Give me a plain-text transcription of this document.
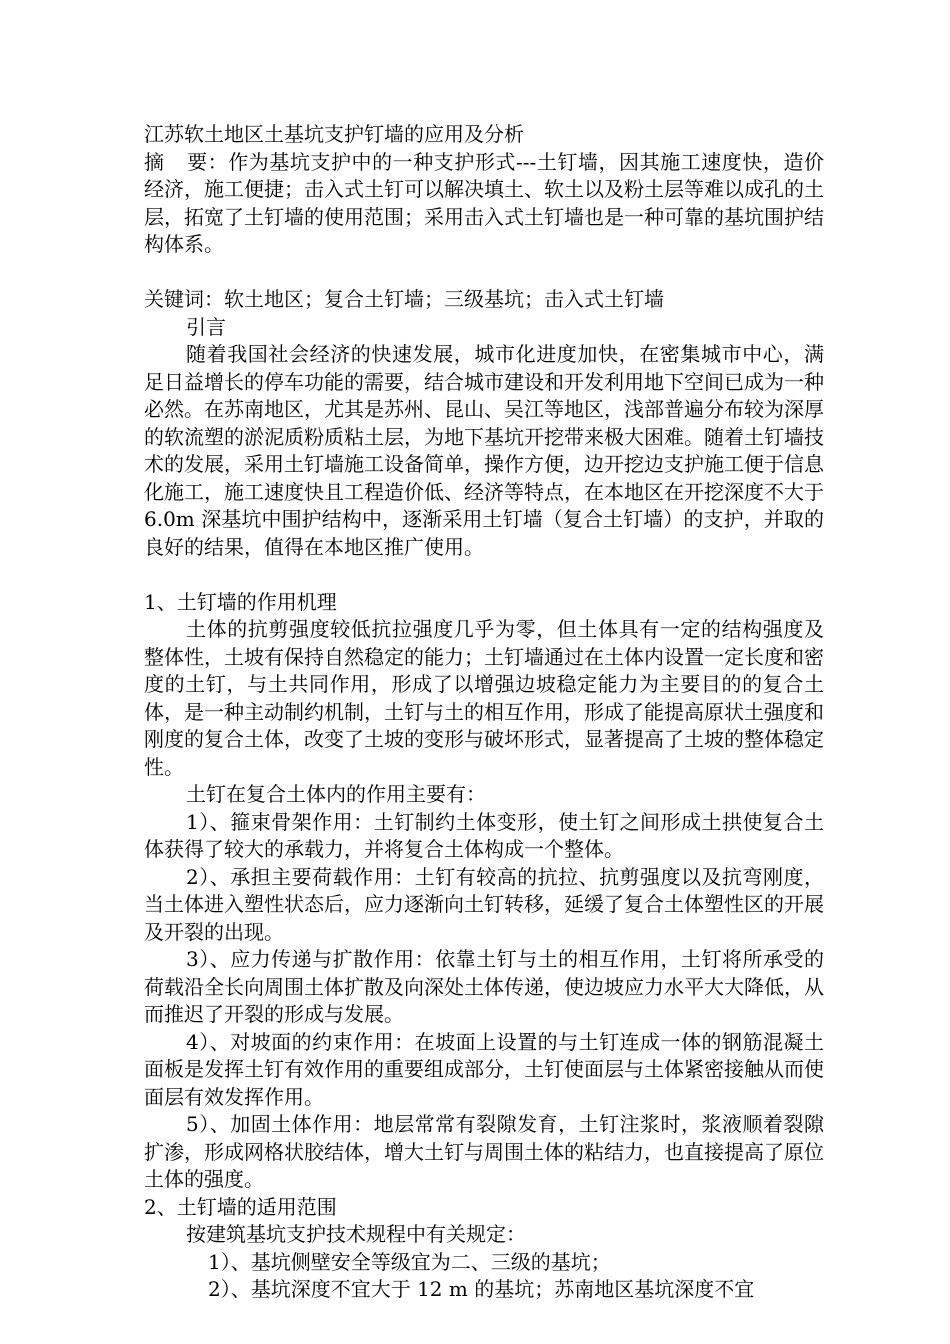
江苏软土地区土基坑支护钉墙的应用及分析

摘 要：作为基坑支护中的一种支护形式---土钉墙，因其施工速度快，造价经济，施工便捷；击入式土钉可以解决填土、软土以及粉土层等难以成孔的土层，拓宽了土钉墙的使用范围；采用击入式土钉墙也是一种可靠的基坑围护结构体系。

关键词：软土地区；复合土钉墙；三级基坑；击入式土钉墙

引言

随着我国社会经济的快速发展，城市化进度加快，在密集城市中心，满足日益增长的停车功能的需要，结合城市建设和开发利用地下空间已成为一种必然。在苏南地区，尤其是苏州、昆山、吴江等地区，浅部普遍分布较为深厚的软流塑的淤泥质粉质粘土层，为地下基坑开挖带来极大困难。随着土钉墙技术的发展，采用土钉墙施工设备简单，操作方便，边开挖边支护施工便于信息化施工，施工速度快且工程造价低、经济等特点，在本地区在开挖深度不大于 6.0m 深基坑中围护结构中，逐渐采用土钉墙（复合土钉墙）的支护，并取的良好的结果，值得在本地区推广使用。

1、土钉墙的作用机理

土体的抗剪强度较低抗拉强度几乎为零，但土体具有一定的结构强度及整体性，土坡有保持自然稳定的能力；土钉墙通过在土体内设置一定长度和密度的土钉，与土共同作用，形成了以增强边坡稳定能力为主要目的的复合土体，是一种主动制约机制，土钉与土的相互作用，形成了能提高原状土强度和刚度的复合土体，改变了土坡的变形与破坏形式，显著提高了土坡的整体稳定性。

土钉在复合土体内的作用主要有：

1）、箍束骨架作用：土钉制约土体变形，使土钉之间形成土拱使复合土体获得了较大的承载力，并将复合土体构成一个整体。

2）、承担主要荷载作用：土钉有较高的抗拉、抗剪强度以及抗弯刚度，当土体进入塑性状态后，应力逐渐向土钉转移，延缓了复合土体塑性区的开展及开裂的出现。

3）、应力传递与扩散作用：依靠土钉与土的相互作用，土钉将所承受的荷载沿全长向周围土体扩散及向深处土体传递，使边坡应力水平大大降低，从而推迟了开裂的形成与发展。

4）、对坡面的约束作用：在坡面上设置的与土钉连成一体的钢筋混凝土面板是发挥土钉有效作用的重要组成部分，土钉使面层与土体紧密接触从而使面层有效发挥作用。

5）、加固土体作用：地层常常有裂隙发育，土钉注浆时，浆液顺着裂隙扩渗，形成网格状胶结体，增大土钉与周围土体的粘结力，也直接提高了原位土体的强度。

2、土钉墙的适用范围

按建筑基坑支护技术规程中有关规定：

1）、基坑侧壁安全等级宜为二、三级的基坑；

2）、基坑深度不宜大于 12 m 的基坑；苏南地区基坑深度不宜
